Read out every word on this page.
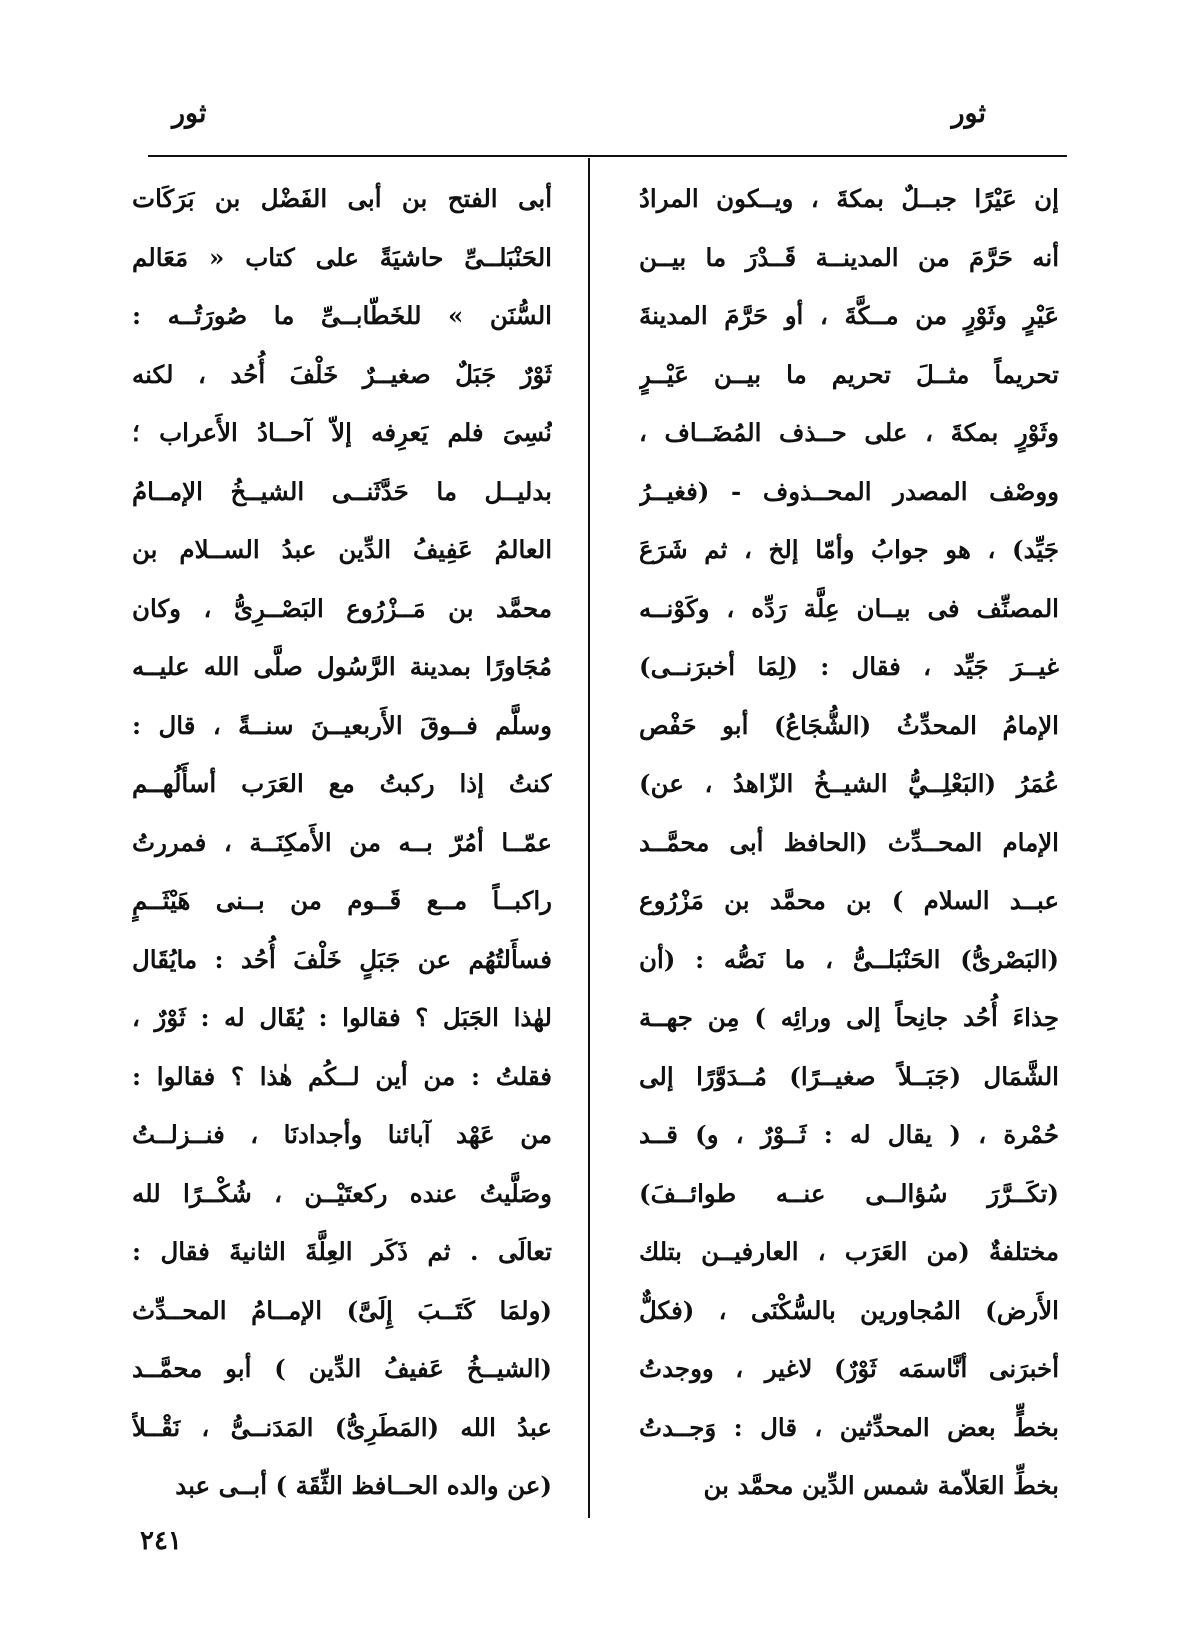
ثور
ثور
إن عَيْرًا جبــلٌ بمكةَ ، ويــكون المرادُ
أنه حَرَّمَ من المدينــة قَــدْرَ ما بيــن
عَيْرٍ وثَوْرٍ من مــكَّةَ ، أو حَرَّمَ المدينةَ
تحريماً مثــلَ تحريم ما بيــن عَيْــرٍ
وثَوْرٍ بمكةَ ، على حــذف المُضَــاف ،
ووصْف المصدر المحــذوف - (فغيــرُ
جَيِّد) ، هو جوابُ وأمّا إلخ ، ثم شَرَعَ
المصنِّف فى بيــان عِلَّة رَدِّه ، وكَوْنــه
غيــرَ جَيِّد ، فقال : (لِمَا أخبرَنــى)
الإمامُ المحدِّثُ (الشُّجَاعُ) أبو حَفْص
عُمَرُ (البَعْلِــيُّ الشيــخُ الزّاهدُ ، عن)
الإمام المحــدِّث (الحافظ أبى محمَّــد
عبــد السلام ) بن محمَّد بن مَزْرُوع
(البَصْرىُّ) الحَنْبَلــىُّ ، ما نَصُّه : (أن
حِذاءَ أُحُد جانِحاً إلى ورائِه ) مِن جهــة
الشَّمَال (جَبَــلاً صغيــرًا) مُــدَوَّرًا إلى
حُمْرة ، ( يقال له : ثَــوْرٌ ، و) قــد
(تكَــرَّرَ سُؤالــى عنــه طوائــفَ)
مختلفةٌ (من العَرَب ، العارفيــن بتلك
الأَرض) المُجاورين بالسُّكْنَى ، (فكلٌّ
أخبرَنى أنَّاسمَه ثَوْرٌ) لاغير ، ووجدتُ
بخطٍّ بعض المحدِّثين ، قال : وَجــدتُ
بخطِّ العَلاّمة شمس الدِّين محمَّد بن
أبى الفتح بن أبى الفَضْل بن بَرَكَات
الحَنْبَلــىِّ حاشيَةً على كتاب « مَعَالم
السُّنَن » للخَطّابــىِّ ما صُورَتُــه :
ثَوْرٌ جَبَلٌ صغيــرٌ خَلْفَ أُحُد ، لكنه
نُسِىَ فلم يَعرِفه إلاّ آحــادُ الأَعراب ؛
بدليــل ما حَدَّثَنــى الشيــخُ الإمــامُ
العالمُ عَفِيفُ الدِّين عبدُ الســلام بن
محمَّد بن مَــزْرُوع البَصْــرِىُّ ، وكان
مُجَاورًا بمدينة الرَّسُول صلَّى الله عليــه
وسلَّم فــوقَ الأَربعيــنَ سنــةً ، قال :
كنتُ إذا ركبتُ مع العَرَب أسأَلُهــم
عمّــا أمُرّ بــه من الأَمكِنَــة ، فمررتُ
راكبــاً مــع قَــوم من بــنى هَيْثَــمٍ
فسأَلتُهُم عن جَبَلٍ خَلْفَ أُحُد : مايُقَال
لهٰذا الجَبَل ؟ فقالوا : يُقَال له : ثَوْرٌ ،
فقلتُ : من أين لــكُم هٰذا ؟ فقالوا :
من عَهْد آبائنا وأجدادنَا ، فنــزلــتُ
وصَلَّيتُ عنده ركعتَيْــن ، شُكْــرًا لله
تعالَى . ثم ذَكَر العِلَّةَ الثانيةَ فقال :
(ولمَا كَتَــبَ إِلَىَّ) الإمــامُ المحــدِّث
(الشيــخُ عَفيفُ الدِّين ) أبو محمَّــد
عبدُ الله (المَطَرِىُّ) المَدَنــىُّ ، نَقْــلاً
(عن والده الحــافظ الثِّقَة ) أبــى عبد
٢٤١
